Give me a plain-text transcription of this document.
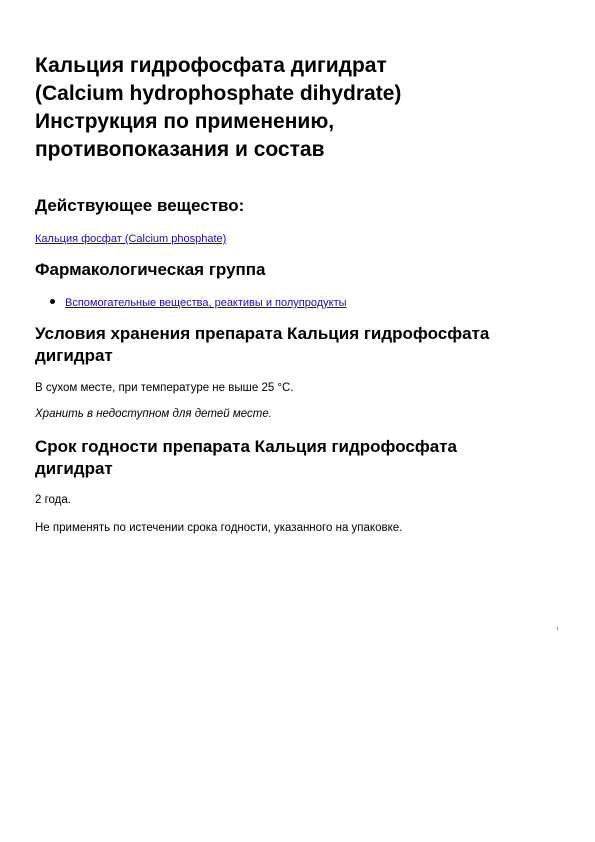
Кальция гидрофосфата дигидрат
(Calcium hydrophosphate dihydrate)
Инструкция по применению,
противопоказания и состав
Действующее вещество:
Кальция фосфат (Calcium phosphate)
Фармакологическая группа
Вспомогательные вещества, реактивы и полупродукты
Условия хранения препарата Кальция гидрофосфата
дигидрат

В сухом месте, при температуре не выше 25 °C.

Хранить в недоступном для детей месте.

Срок годности препарата Кальция гидрофосфата
дигидрат

2 года.

Не применять по истечении срока годности, указанного на упаковке.
